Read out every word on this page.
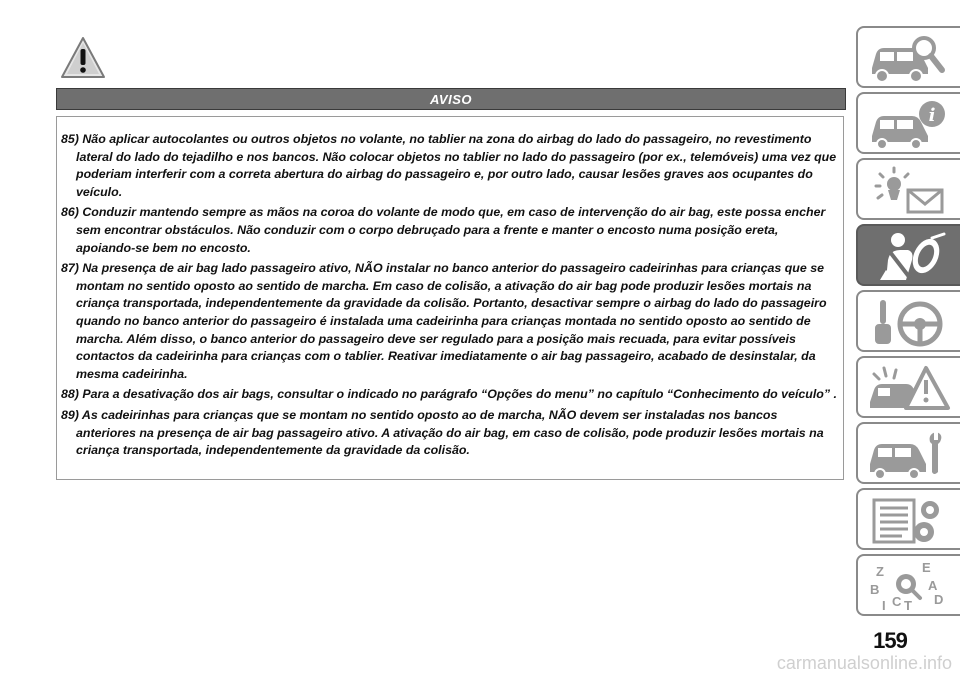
AVISO

85) Não aplicar autocolantes ou outros objetos no volante, no tablier na zona do airbag do lado do passageiro, no revestimento lateral do lado do tejadilho e nos bancos. Não colocar objetos no tablier no lado do passageiro (por ex., telemóveis) uma vez que poderiam interferir com a correta abertura do airbag do passageiro e, por outro lado, causar lesões graves aos ocupantes do veículo.

86) Conduzir mantendo sempre as mãos na coroa do volante de modo que, em caso de intervenção do air bag, este possa encher sem encontrar obstáculos. Não conduzir com o corpo debruçado para a frente e manter o encosto numa posição ereta, apoiando-se bem no encosto.

87) Na presença de air bag lado passageiro ativo, NÃO instalar no banco anterior do passageiro cadeirinhas para crianças que se montam no sentido oposto ao sentido de marcha. Em caso de colisão, a ativação do air bag pode produzir lesões mortais na criança transportada, independentemente da gravidade da colisão. Portanto, desactivar sempre o airbag do lado do passageiro quando no banco anterior do passageiro é instalada uma cadeirinha para crianças montada no sentido oposto ao sentido de marcha. Além disso, o banco anterior do passageiro deve ser regulado para a posição mais recuada, para evitar possíveis contactos da cadeirinha para crianças com o tablier. Reativar imediatamente o air bag passageiro, acabado de desinstalar, da mesma cadeirinha.

88) Para a desativação dos air bags, consultar o indicado no parágrafo “Opções do menu” no capítulo “Conhecimento do veículo” .

89) As cadeirinhas para crianças que se montam no sentido oposto ao de marcha, NÃO devem ser instaladas nos bancos anteriores na presença de air bag passageiro ativo. A ativação do air bag, em caso de colisão, pode produzir lesões mortais na criança transportada, independentemente da gravidade da colisão.

i
Z	E
B	A
C T
I	D
159
carmanualsonline.info
